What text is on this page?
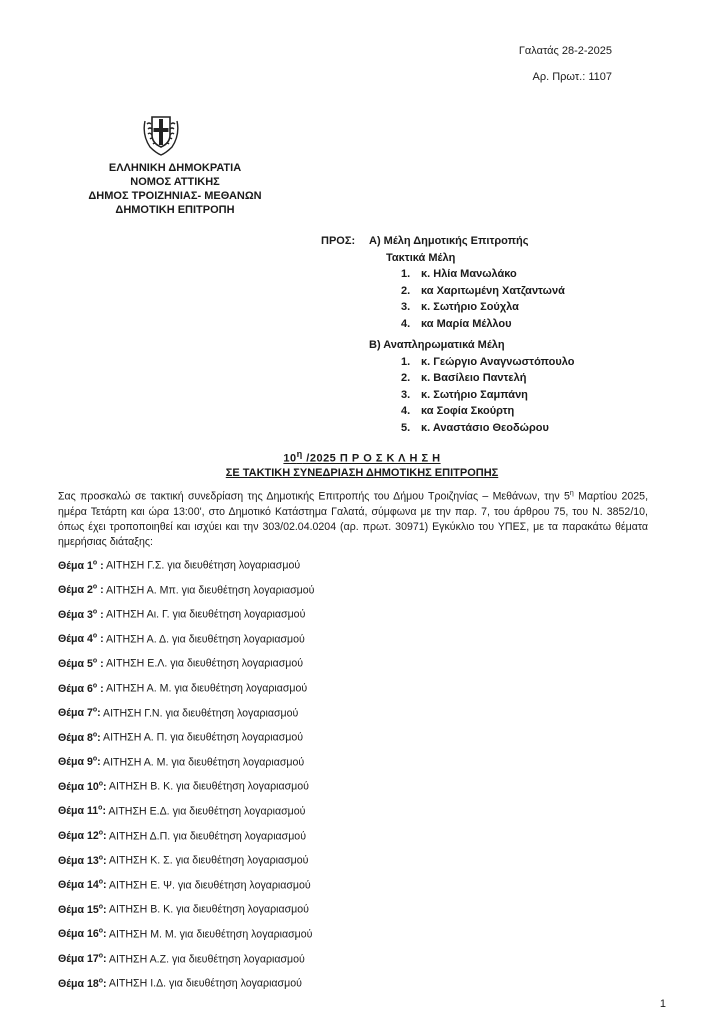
Γαλατάς 28-2-2025
Αρ. Πρωτ.: 1107
ΕΛΛΗΝΙΚΗ ΔΗΜΟΚΡΑΤΙΑ
ΝΟΜΟΣ ΑΤΤΙΚΗΣ
ΔΗΜΟΣ ΤΡΟΙΖΗΝΙΑΣ- ΜΕΘΑΝΩΝ
ΔΗΜΟΤΙΚΗ ΕΠΙΤΡΟΠΗ
ΠΡΟΣ: Α) Μέλη Δημοτικής Επιτροπής
Τακτικά Μέλη
1. κ. Ηλία Μανωλάκο
2. κα Χαριτωμένη Χατζαντωνά
3. κ. Σωτήριο Σούχλα
4. κα Μαρία Μέλλου
Β) Αναπληρωματικά Μέλη
1. κ. Γεώργιο Αναγνωστόπουλο
2. κ. Βασίλειο Παντελή
3. κ. Σωτήριο Σαμπάνη
4. κα Σοφία Σκούρτη
5. κ. Αναστάσιο Θεοδώρου
$10^\eta$ /2025 Π Ρ Ο Σ Κ Λ Η Σ Η
ΣΕ ΤΑΚΤΙΚΗ ΣΥΝΕΔΡΙΑΣΗ ΔΗΜΟΤΙΚΗΣ ΕΠΙΤΡΟΠΗΣ
Σας προσκαλώ σε τακτική συνεδρίαση της Δημοτικής Επιτροπής του Δήμου Τροιζηνίας – Μεθάνων, την $5^\eta$ Μαρτίου 2025, ημέρα Τετάρτη και ώρα 13:00', στο Δημοτικό Κατάστημα Γαλατά, σύμφωνα με την παρ. 7, του άρθρου 75, του Ν. 3852/10, όπως έχει τροποποιηθεί και ισχύει και την 303/02.04.0204 (αρ. πρωτ. 30971) Εγκύκλιο του ΥΠΕΣ, με τα παρακάτω θέματα ημερήσιας διάταξης:
Θέμα $1^o$ : ΑΙΤΗΣΗ Γ.Σ. για διευθέτηση λογαριασμού
Θέμα $2^o$ : ΑΙΤΗΣΗ Α. Μπ. για διευθέτηση λογαριασμού
Θέμα $3^o$ : ΑΙΤΗΣΗ Αι. Γ. για διευθέτηση λογαριασμού
Θέμα $4^o$ : ΑΙΤΗΣΗ Α. Δ. για διευθέτηση λογαριασμού
Θέμα $5^o$ : ΑΙΤΗΣΗ Ε.Λ. για διευθέτηση λογαριασμού
Θέμα $6^o$ : ΑΙΤΗΣΗ Α. Μ. για διευθέτηση λογαριασμού
Θέμα $7^o$: ΑΙΤΗΣΗ Γ.Ν. για διευθέτηση λογαριασμού
Θέμα $8^o$: ΑΙΤΗΣΗ Α. Π. για διευθέτηση λογαριασμού
Θέμα $9^o$: ΑΙΤΗΣΗ Α. Μ. για διευθέτηση λογαριασμού
Θέμα $10^o$: ΑΙΤΗΣΗ Β. Κ. για διευθέτηση λογαριασμού
Θέμα $11^o$: ΑΙΤΗΣΗ Ε.Δ. για διευθέτηση λογαριασμού
Θέμα $12^o$: ΑΙΤΗΣΗ Δ.Π. για διευθέτηση λογαριασμού
Θέμα $13^o$: ΑΙΤΗΣΗ Κ. Σ. για διευθέτηση λογαριασμού
Θέμα $14^o$: ΑΙΤΗΣΗ Ε. Ψ. για διευθέτηση λογαριασμού
Θέμα $15^o$: ΑΙΤΗΣΗ Β. Κ. για διευθέτηση λογαριασμού
Θέμα $16^o$: ΑΙΤΗΣΗ Μ. Μ. για διευθέτηση λογαριασμού
Θέμα $17^o$: ΑΙΤΗΣΗ Α.Ζ. για διευθέτηση λογαριασμού
Θέμα $18^o$: ΑΙΤΗΣΗ Ι.Δ. για διευθέτηση λογαριασμού
1
